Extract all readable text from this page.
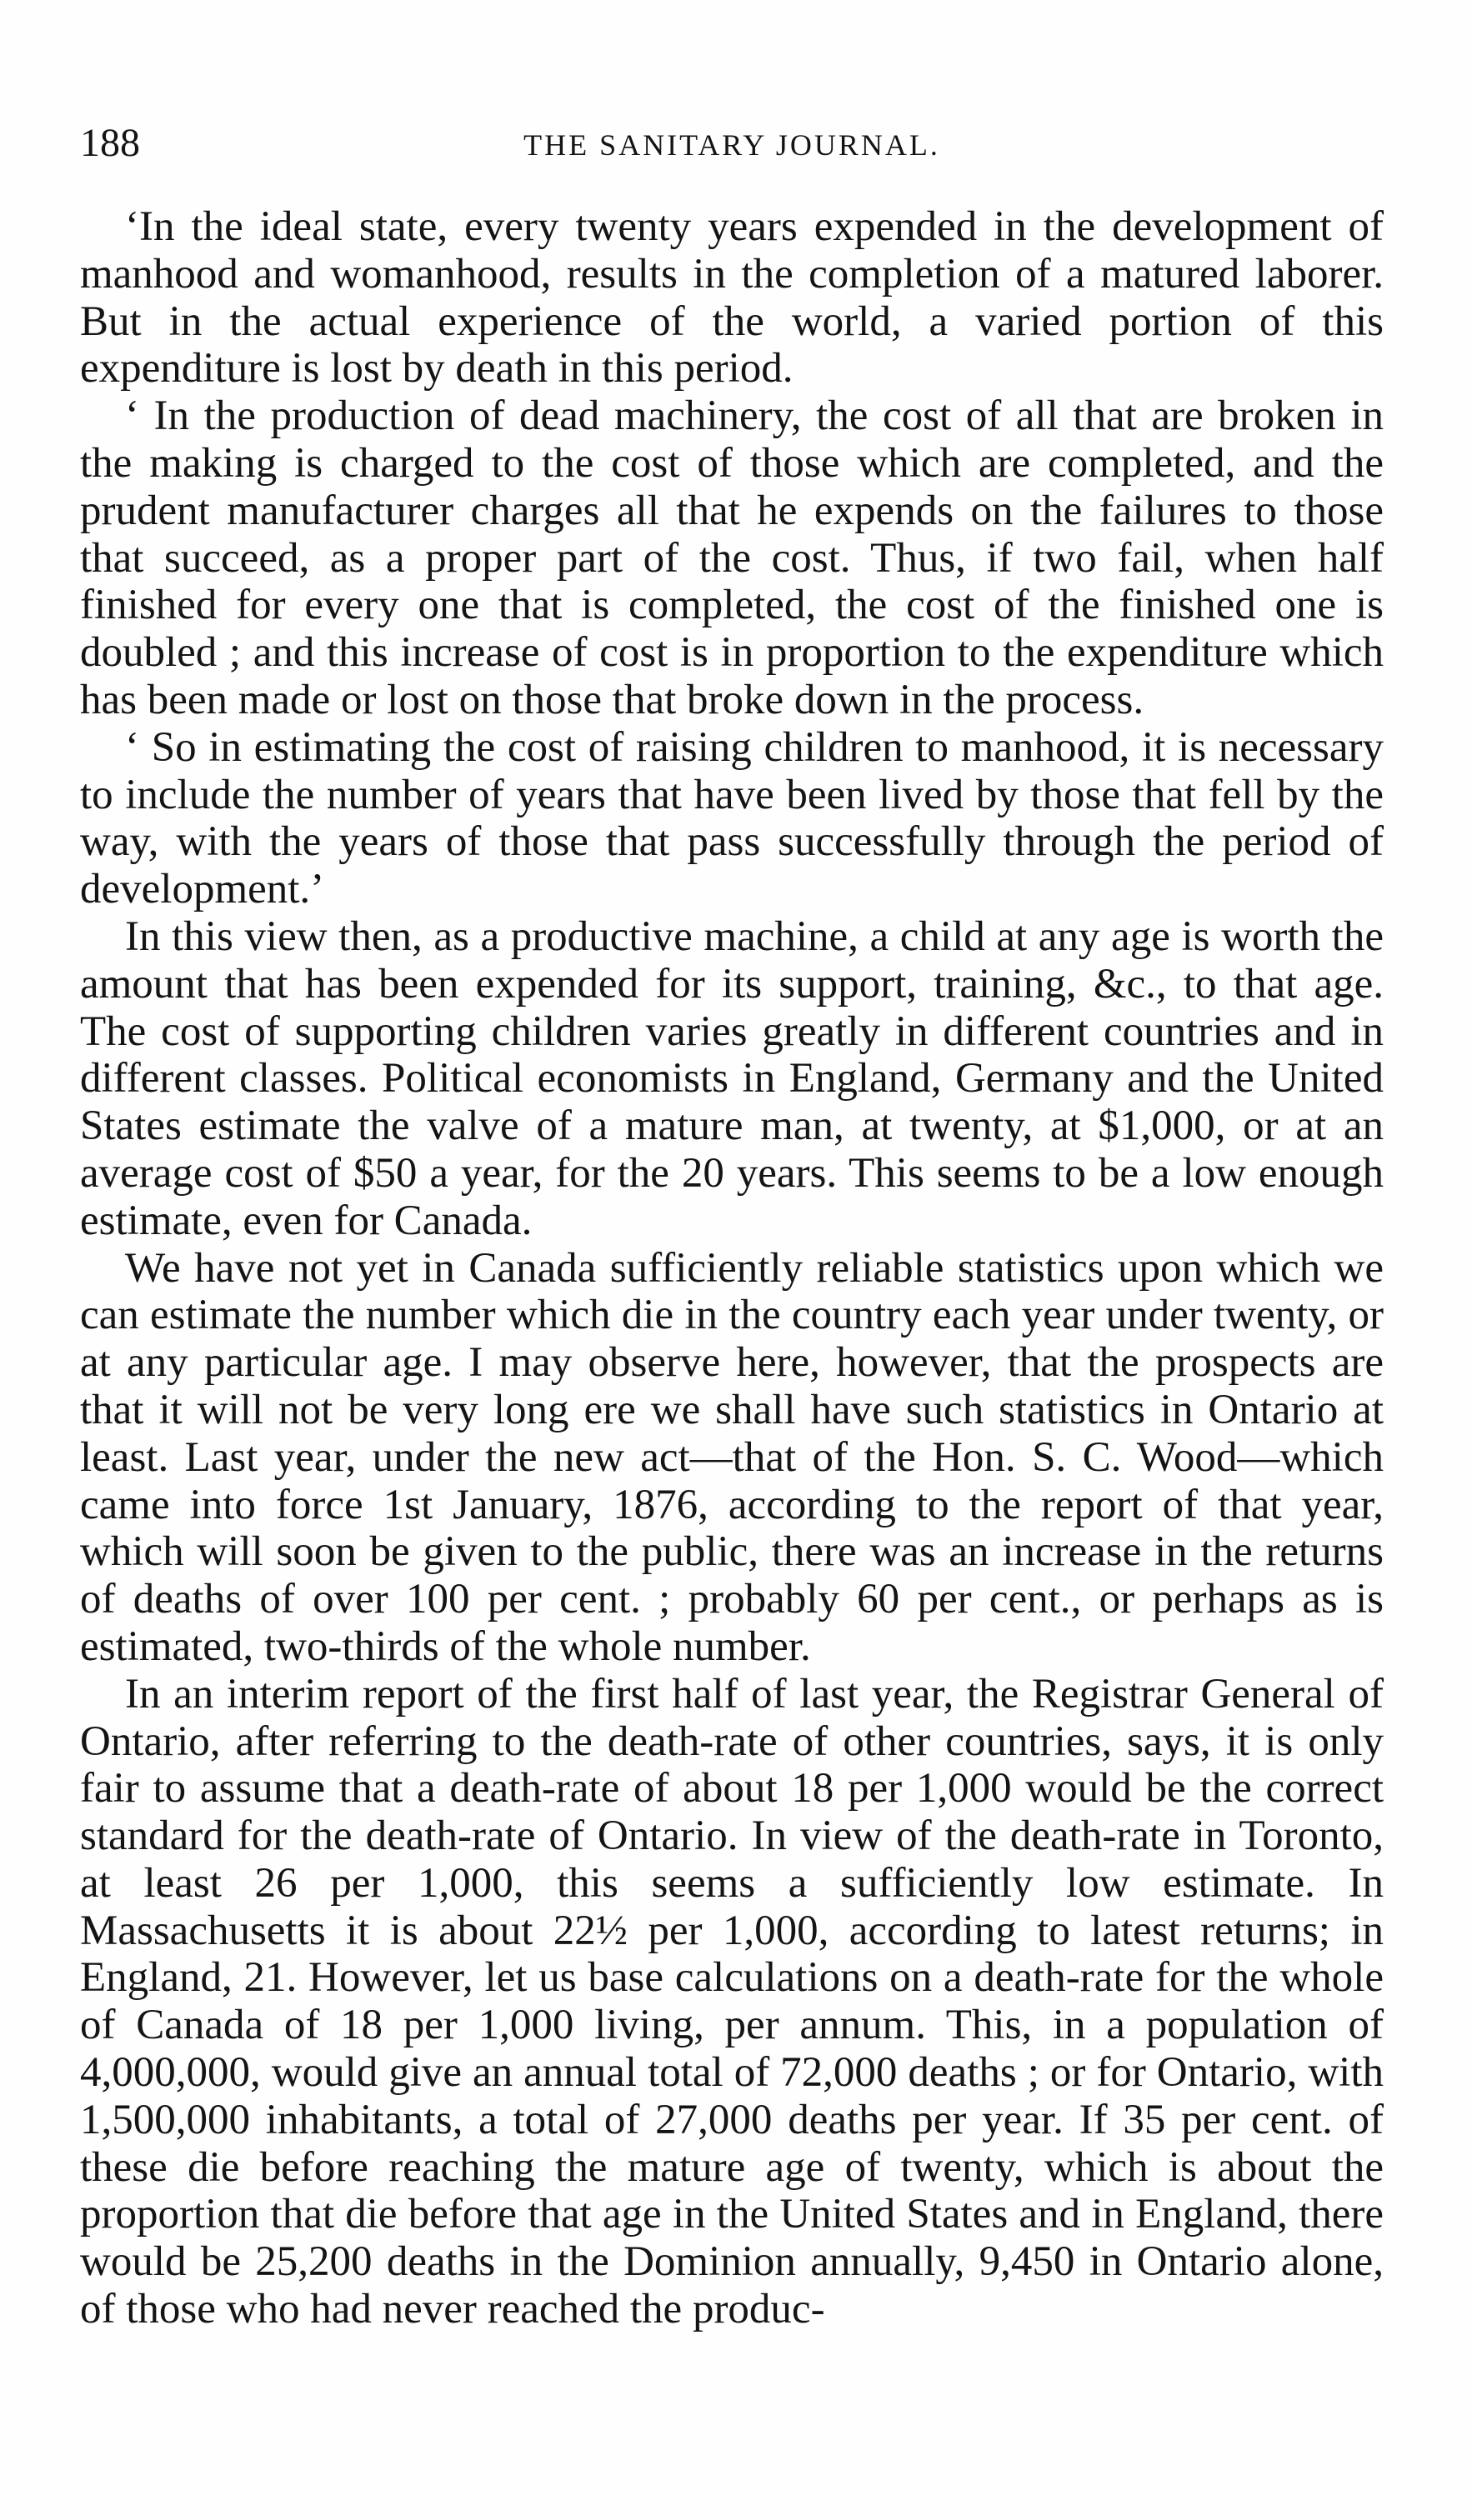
188	THE SANITARY JOURNAL.

‘In the ideal state, every twenty years expended in the development of manhood and womanhood, results in the completion of a matured laborer. But in the actual experience of the world, a varied portion of this expenditure is lost by death in this period.

‘ In the production of dead machinery, the cost of all that are broken in the making is charged to the cost of those which are completed, and the prudent manufacturer charges all that he expends on the failures to those that succeed, as a proper part of the cost. Thus, if two fail, when half finished for every one that is completed, the cost of the finished one is doubled ; and this increase of cost is in proportion to the expenditure which has been made or lost on those that broke down in the process.

‘ So in estimating the cost of raising children to manhood, it is necessary to include the number of years that have been lived by those that fell by the way, with the years of those that pass successfully through the period of development.’

In this view then, as a productive machine, a child at any age is worth the amount that has been expended for its support, training, &c., to that age. The cost of supporting children varies greatly in different countries and in different classes. Political economists in England, Germany and the United States estimate the valve of a mature man, at twenty, at $1,000, or at an average cost of $50 a year, for the 20 years. This seems to be a low enough estimate, even for Canada.

We have not yet in Canada sufficiently reliable statistics upon which we can estimate the number which die in the country each year under twenty, or at any particular age. I may observe here, however, that the prospects are that it will not be very long ere we shall have such statistics in Ontario at least. Last year, under the new act—that of the Hon. S. C. Wood—which came into force 1st January, 1876, according to the report of that year, which will soon be given to the public, there was an increase in the returns of deaths of over 100 per cent. ; probably 60 per cent., or perhaps as is estimated, two-thirds of the whole number.

In an interim report of the first half of last year, the Registrar General of Ontario, after referring to the death-rate of other countries, says, it is only fair to assume that a death-rate of about 18 per 1,000 would be the correct standard for the death-rate of Ontario. In view of the death-rate in Toronto, at least 26 per 1,000, this seems a sufficiently low estimate. In Massachusetts it is about 22½ per 1,000, according to latest returns; in England, 21. However, let us base calculations on a death-rate for the whole of Canada of 18 per 1,000 living, per annum. This, in a population of 4,000,000, would give an annual total of 72,000 deaths ; or for Ontario, with 1,500,000 inhabitants, a total of 27,000 deaths per year. If 35 per cent. of these die before reaching the mature age of twenty, which is about the proportion that die before that age in the United States and in England, there would be 25,200 deaths in the Dominion annually, 9,450 in Ontario alone, of those who had never reached the produc-
